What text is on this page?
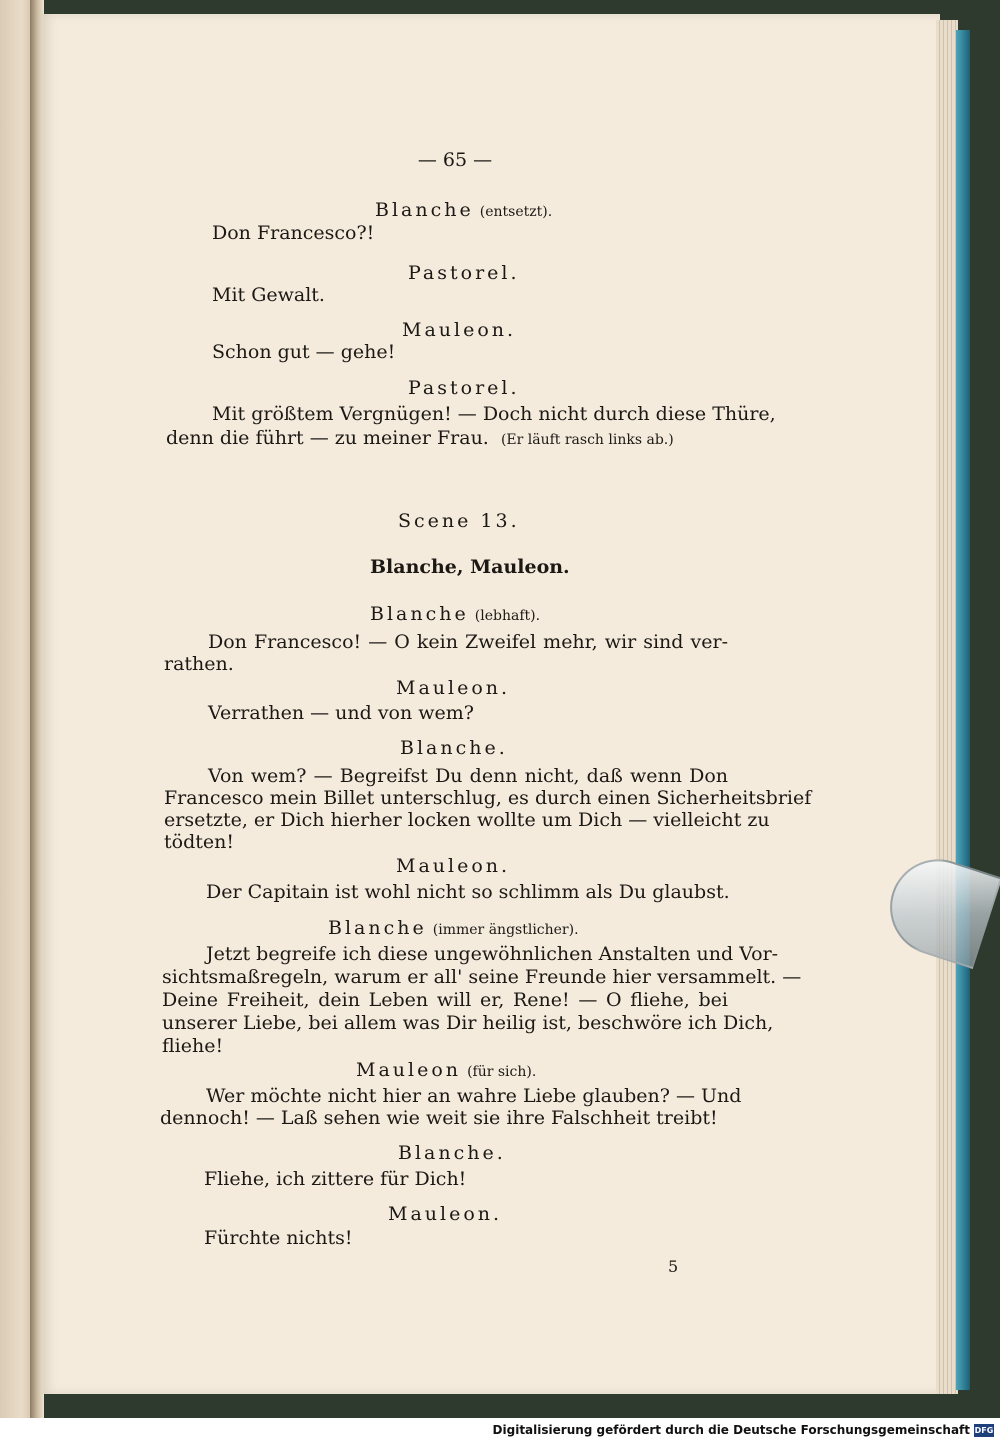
— 65 —
Blanche (entsetzt).
Don Francesco?!
Pastorel.
Mit Gewalt.
Mauleon.
Schon gut — gehe!
Pastorel.
Mit größtem Vergnügen! — Doch nicht durch diese Thüre,
denn die führt — zu meiner Frau. (Er läuft rasch links ab.)
Scene 13.
Blanche, Mauleon.
Blanche (lebhaft).
Don Francesco! — O kein Zweifel mehr, wir sind ver-
rathen.
Mauleon.
Verrathen — und von wem?
Blanche.
Von wem? — Begreifst Du denn nicht, daß wenn Don
Francesco mein Billet unterschlug, es durch einen Sicherheitsbrief
ersetzte, er Dich hierher locken wollte um Dich — vielleicht zu
tödten!
Mauleon.
Der Capitain ist wohl nicht so schlimm als Du glaubst.
Blanche (immer ängstlicher).
Jetzt begreife ich diese ungewöhnlichen Anstalten und Vor-
sichtsmaßregeln, warum er all' seine Freunde hier versammelt. —
Deine Freiheit, dein Leben will er, Rene! — O fliehe, bei
unserer Liebe, bei allem was Dir heilig ist, beschwöre ich Dich,
fliehe!
Mauleon (für sich).
Wer möchte nicht hier an wahre Liebe glauben? — Und
dennoch! — Laß sehen wie weit sie ihre Falschheit treibt!
Blanche.
Fliehe, ich zittere für Dich!
Mauleon.
Fürchte nichts!
5
Digitalisierung gefördert durch die Deutsche Forschungsgemeinschaft DFG
